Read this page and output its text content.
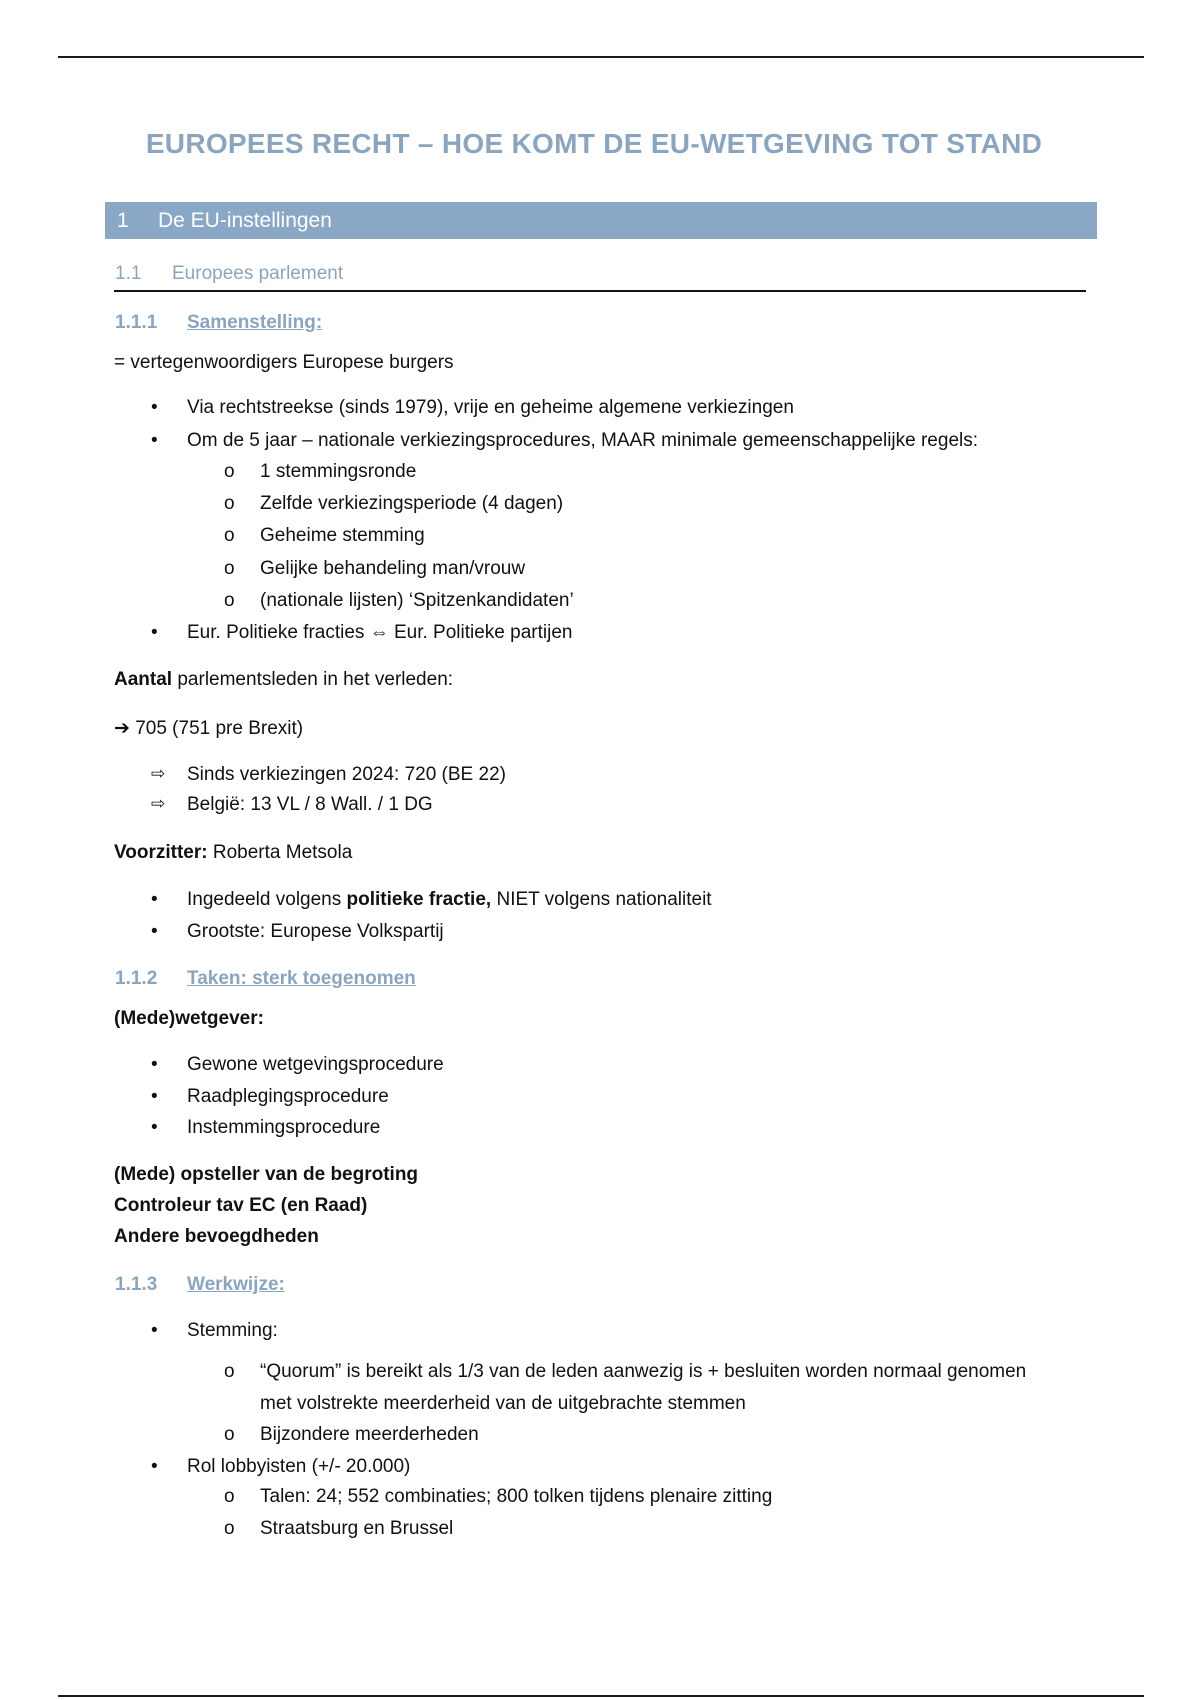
EUROPEES RECHT – HOE KOMT DE EU-WETGEVING TOT STAND
1 De EU-instellingen
1.1 Europees parlement
1.1.1 Samenstelling:
= vertegenwoordigers Europese burgers
• Via rechtstreekse (sinds 1979), vrije en geheime algemene verkiezingen
• Om de 5 jaar – nationale verkiezingsprocedures, MAAR minimale gemeenschappelijke regels:
o 1 stemmingsronde
o Zelfde verkiezingsperiode (4 dagen)
o Geheime stemming
o Gelijke behandeling man/vrouw
o (nationale lijsten) ‘Spitzenkandidaten’
• Eur. Politieke fracties ⇔ Eur. Politieke partijen
Aantal parlementsleden in het verleden:
➔ 705 (751 pre Brexit)
⇨ Sinds verkiezingen 2024: 720 (BE 22)
⇨ België: 13 VL / 8 Wall. / 1 DG
Voorzitter: Roberta Metsola
• Ingedeeld volgens politieke fractie, NIET volgens nationaliteit
• Grootste: Europese Volkspartij
1.1.2 Taken: sterk toegenomen
(Mede)wetgever:
• Gewone wetgevingsprocedure
• Raadplegingsprocedure
• Instemmingsprocedure
(Mede) opsteller van de begroting
Controleur tav EC (en Raad)
Andere bevoegdheden
1.1.3 Werkwijze:
• Stemming:
o “Quorum” is bereikt als 1/3 van de leden aanwezig is + besluiten worden normaal genomen
met volstrekte meerderheid van de uitgebrachte stemmen
o Bijzondere meerderheden
• Rol lobbyisten (+/- 20.000)
o Talen: 24; 552 combinaties; 800 tolken tijdens plenaire zitting
o Straatsburg en Brussel
